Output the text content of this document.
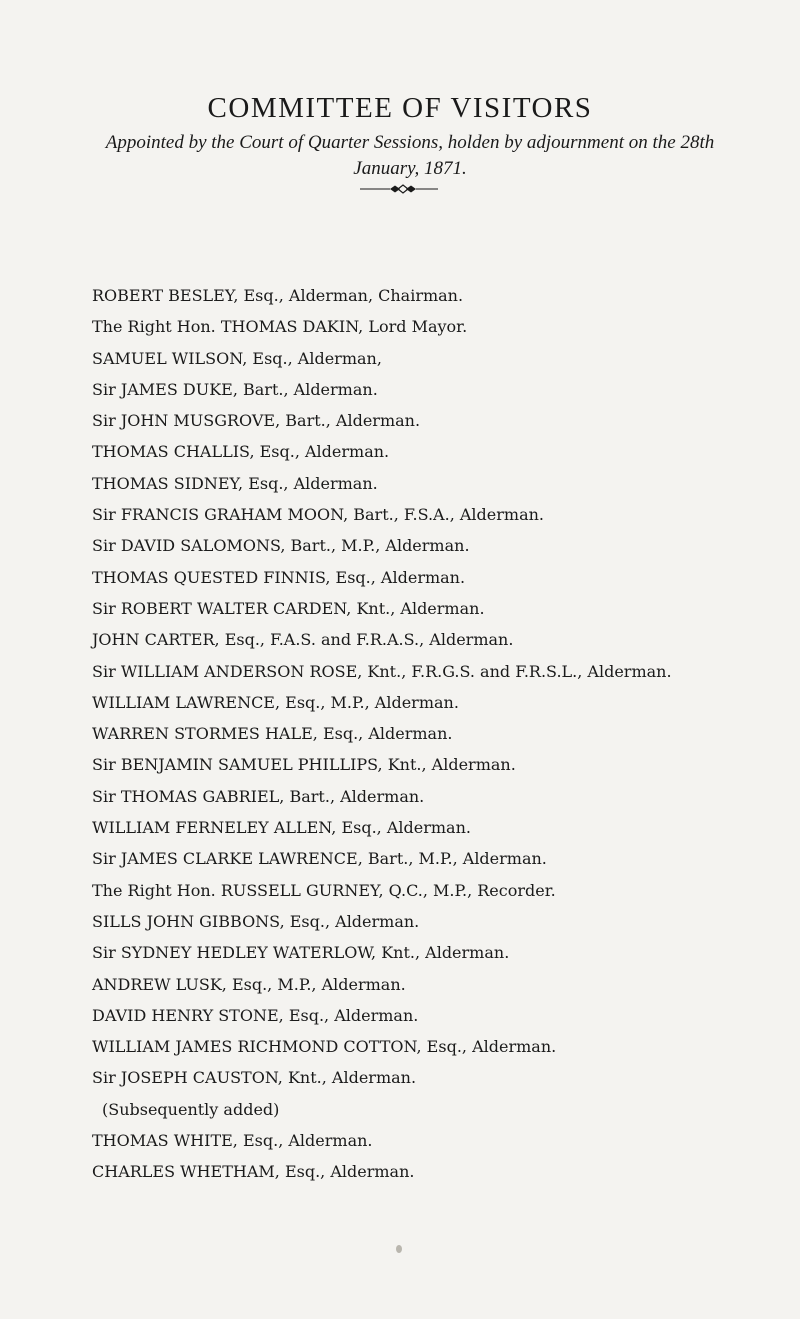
COMMITTEE OF VISITORS

Appointed by the Court of Quarter Sessions, holden by adjournment on the 28th January, 1871.

ROBERT BESLEY, Esq., Alderman, Chairman.
The Right Hon. THOMAS DAKIN, Lord Mayor.
SAMUEL WILSON, Esq., Alderman,
Sir JAMES DUKE, Bart., Alderman.
Sir JOHN MUSGROVE, Bart., Alderman.
THOMAS CHALLIS, Esq., Alderman.
THOMAS SIDNEY, Esq., Alderman.
Sir FRANCIS GRAHAM MOON, Bart., F.S.A., Alderman.
Sir DAVID SALOMONS, Bart., M.P., Alderman.
THOMAS QUESTED FINNIS, Esq., Alderman.
Sir ROBERT WALTER CARDEN, Knt., Alderman.
JOHN CARTER, Esq., F.A.S. and F.R.A.S., Alderman.
Sir WILLIAM ANDERSON ROSE, Knt., F.R.G.S. and F.R.S.L., Alderman.
WILLIAM LAWRENCE, Esq., M.P., Alderman.
WARREN STORMES HALE, Esq., Alderman.
Sir BENJAMIN SAMUEL PHILLIPS, Knt., Alderman.
Sir THOMAS GABRIEL, Bart., Alderman.
WILLIAM FERNELEY ALLEN, Esq., Alderman.
Sir JAMES CLARKE LAWRENCE, Bart., M.P., Alderman.
The Right Hon. RUSSELL GURNEY, Q.C., M.P., Recorder.
SILLS JOHN GIBBONS, Esq., Alderman.
Sir SYDNEY HEDLEY WATERLOW, Knt., Alderman.
ANDREW LUSK, Esq., M.P., Alderman.
DAVID HENRY STONE, Esq., Alderman.
WILLIAM JAMES RICHMOND COTTON, Esq., Alderman.
Sir JOSEPH CAUSTON, Knt., Alderman.
(Subsequently added)
THOMAS WHITE, Esq., Alderman.
CHARLES WHETHAM, Esq., Alderman.
